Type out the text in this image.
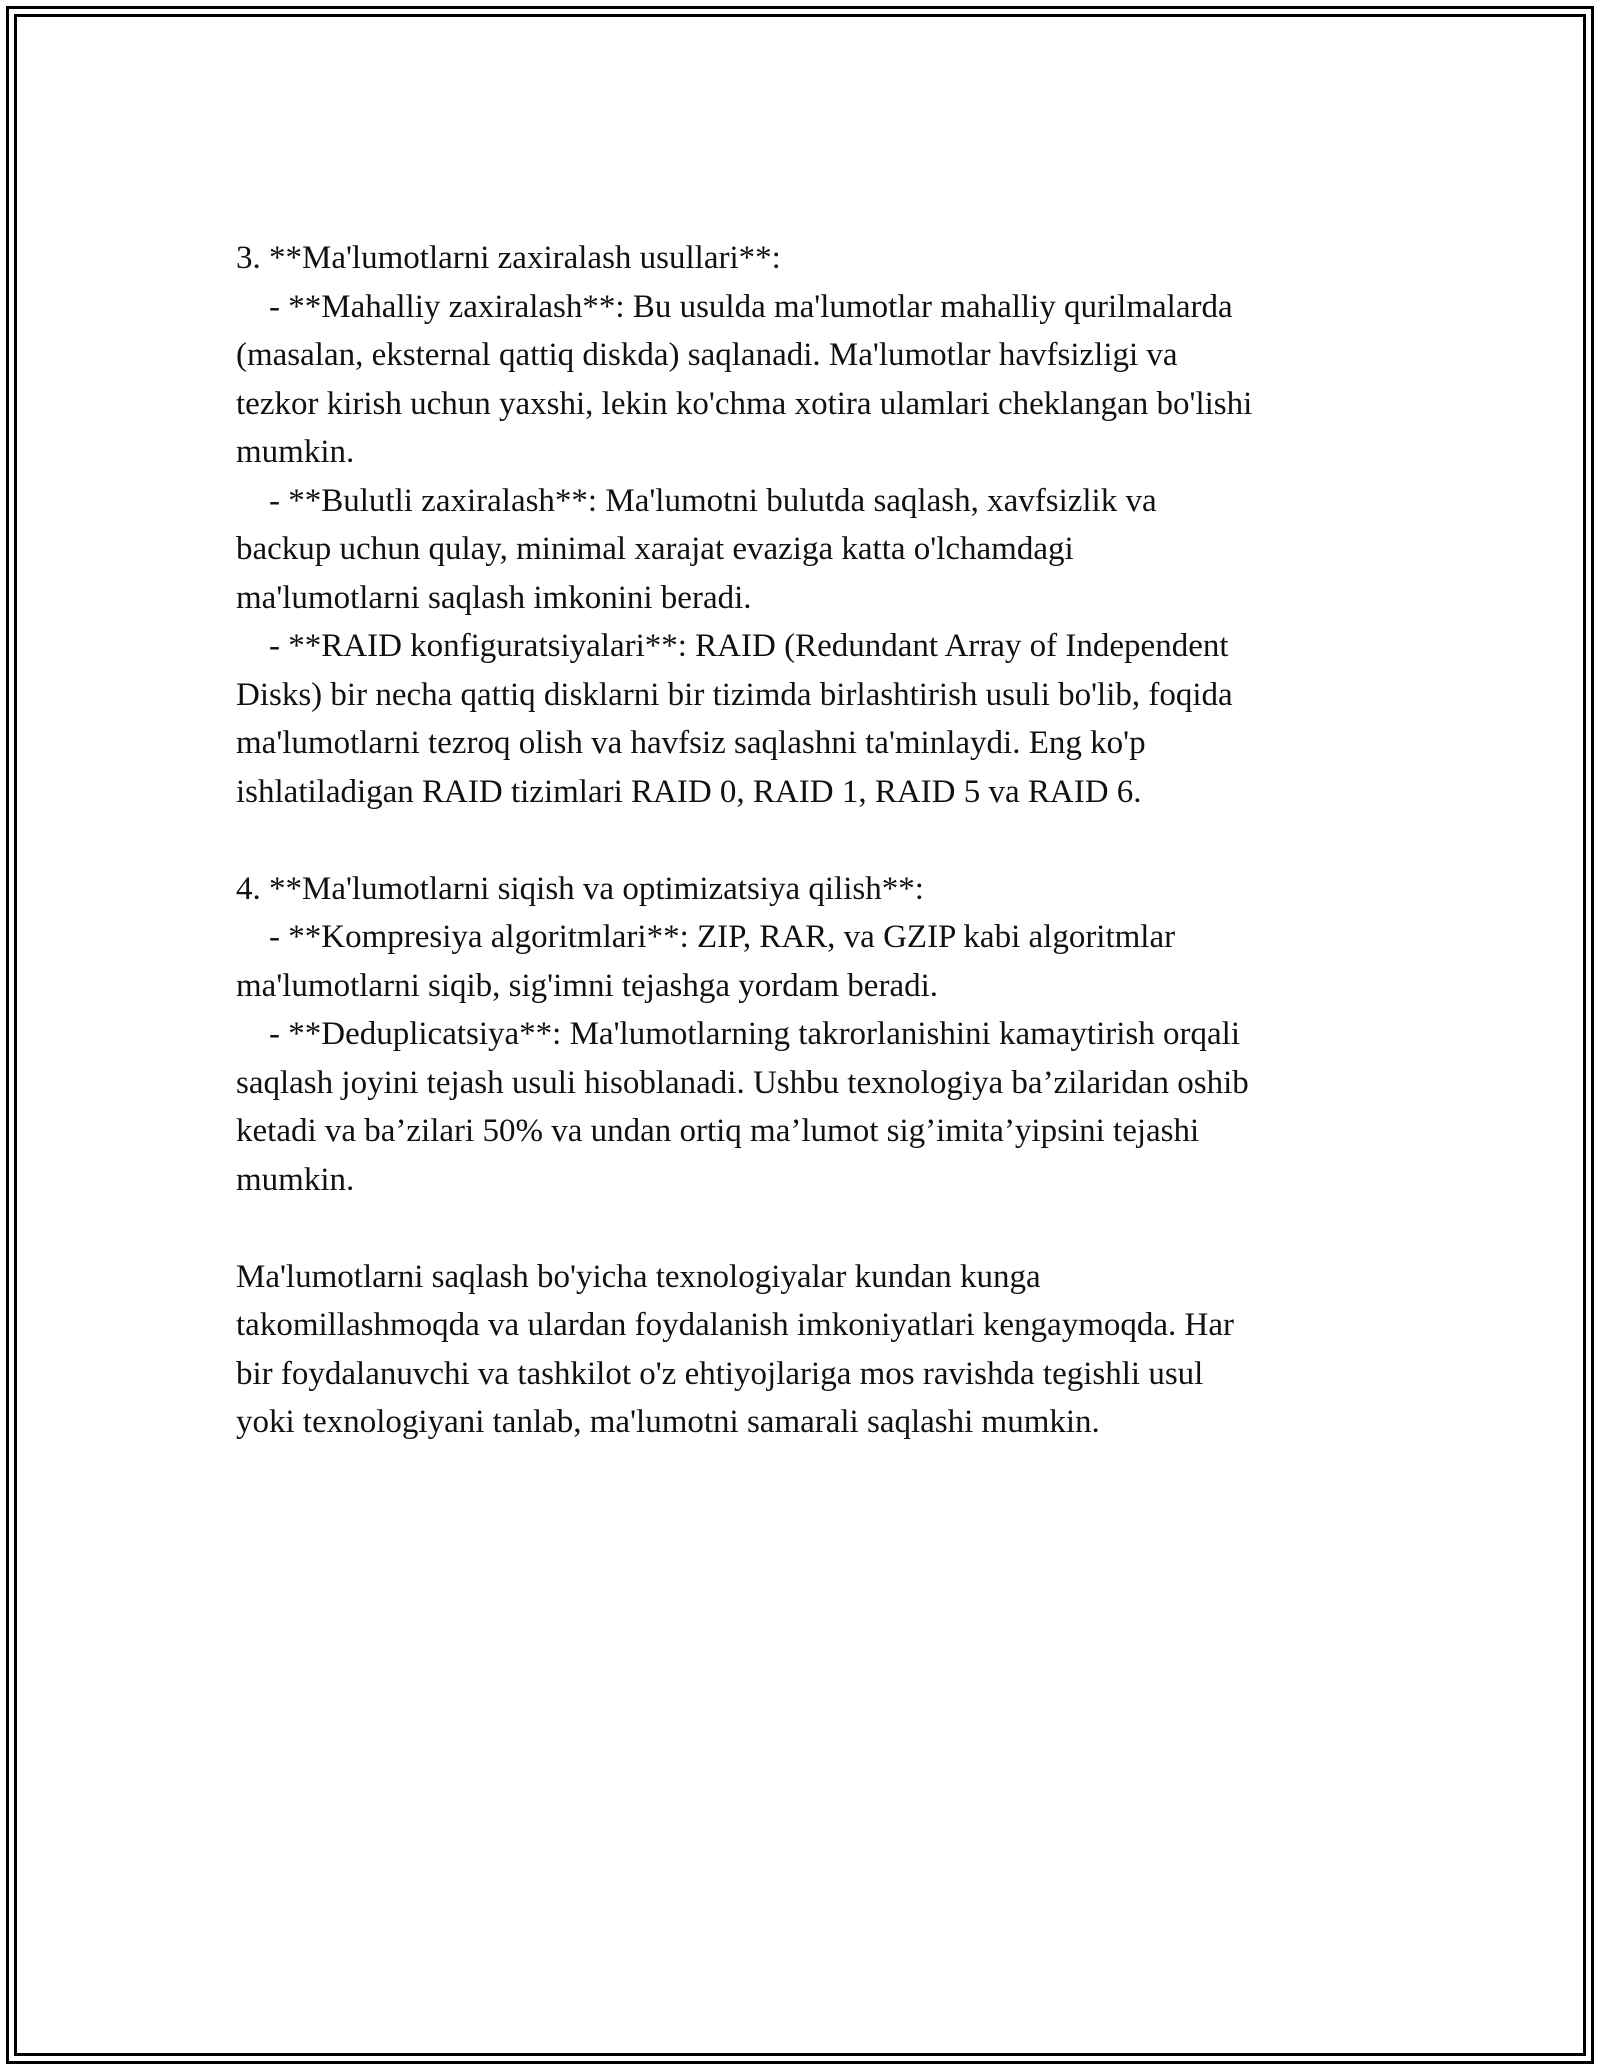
3. **Ma'lumotlarni zaxiralash usullari**:
- **Mahalliy zaxiralash**: Bu usulda ma'lumotlar mahalliy qurilmalarda
(masalan, eksternal qattiq diskda) saqlanadi. Ma'lumotlar havfsizligi va
tezkor kirish uchun yaxshi, lekin ko'chma xotira ulamlari cheklangan bo'lishi
mumkin.
- **Bulutli zaxiralash**: Ma'lumotni bulutda saqlash, xavfsizlik va
backup uchun qulay, minimal xarajat evaziga katta o'lchamdagi
ma'lumotlarni saqlash imkonini beradi.
- **RAID konfiguratsiyalari**: RAID (Redundant Array of Independent
Disks) bir necha qattiq disklarni bir tizimda birlashtirish usuli bo'lib, foqida
ma'lumotlarni tezroq olish va havfsiz saqlashni ta'minlaydi. Eng ko'p
ishlatiladigan RAID tizimlari RAID 0, RAID 1, RAID 5 va RAID 6.
4. **Ma'lumotlarni siqish va optimizatsiya qilish**:
- **Kompresiya algoritmlari**: ZIP, RAR, va GZIP kabi algoritmlar
ma'lumotlarni siqib, sig'imni tejashga yordam beradi.
- **Deduplicatsiya**: Ma'lumotlarning takrorlanishini kamaytirish orqali
saqlash joyini tejash usuli hisoblanadi. Ushbu texnologiya ba’zilaridan oshib
ketadi va ba’zilari 50% va undan ortiq ma’lumot sig’imita’yipsini tejashi
mumkin.
Ma'lumotlarni saqlash bo'yicha texnologiyalar kundan kunga
takomillashmoqda va ulardan foydalanish imkoniyatlari kengaymoqda. Har
bir foydalanuvchi va tashkilot o'z ehtiyojlariga mos ravishda tegishli usul
yoki texnologiyani tanlab, ma'lumotni samarali saqlashi mumkin.
